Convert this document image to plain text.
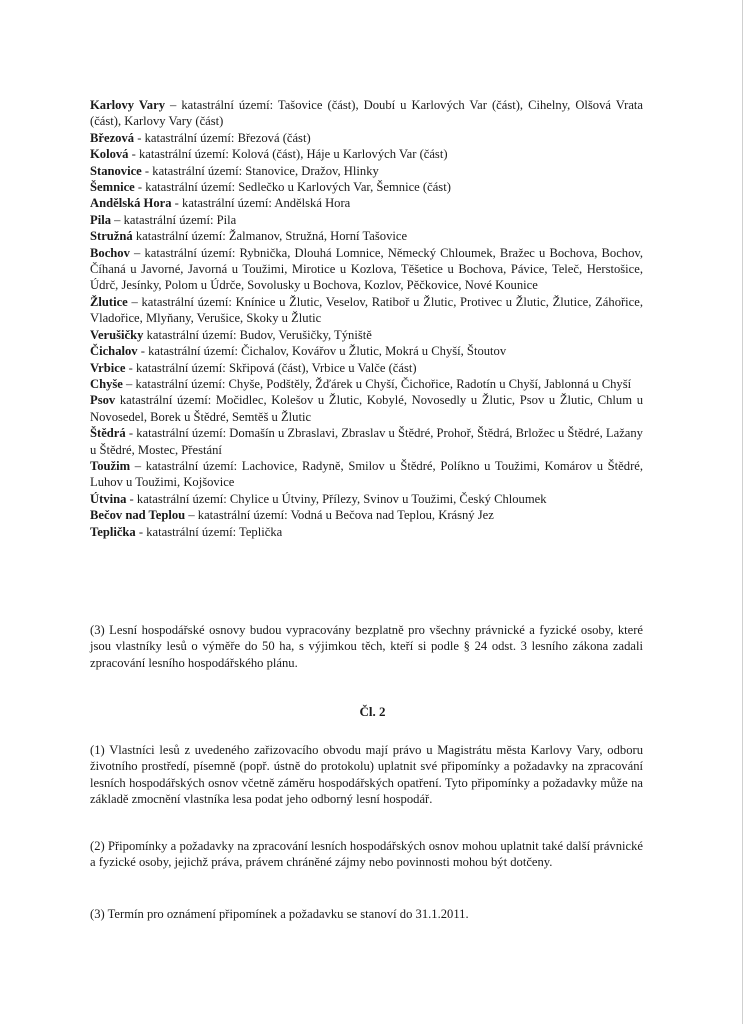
Karlovy Vary – katastrální území: Tašovice (část), Doubí u Karlových Var (část), Cihelny, Olšová Vrata (část), Karlovy Vary (část)

Březová - katastrální území: Březová (část)

Kolová - katastrální území: Kolová (část), Háje u Karlových Var (část)

Stanovice - katastrální území: Stanovice, Dražov, Hlinky

Šemnice - katastrální území: Sedlečko u Karlových Var, Šemnice (část)

Andělská Hora - katastrální území: Andělská Hora

Pila – katastrální území: Pila

Stružná katastrální území: Žalmanov, Stružná, Horní Tašovice

Bochov – katastrální území: Rybnička, Dlouhá Lomnice, Německý Chloumek, Bražec u Bochova, Bochov, Číhaná u Javorné, Javorná u Toužimi, Mirotice u Kozlova, Těšetice u Bochova, Pávice, Teleč, Herstošice, Údrč, Jesínky, Polom u Údrče, Sovolusky u Bochova, Kozlov, Pěčkovice, Nové Kounice

Žlutice – katastrální území: Knínice u Žlutic, Veselov, Ratiboř u Žlutic, Protivec u Žlutic, Žlutice, Záhořice, Vladořice, Mlyňany, Verušice, Skoky u Žlutic

Verušičky katastrální území: Budov, Verušičky, Týniště

Čichalov - katastrální území: Čichalov, Kovářov u Žlutic, Mokrá u Chyší, Štoutov

Vrbice - katastrální území: Skřipová (část), Vrbice u Valče (část)

Chyše – katastrální území: Chyše, Podštěly, Žďárek u Chyší, Čichořice, Radotín u Chyší, Jablonná u Chyší

Psov katastrální území: Močidlec, Kolešov u Žlutic, Kobylé, Novosedly u Žlutic, Psov u Žlutic, Chlum u Novosedel, Borek u Štědré, Semtěš u Žlutic

Štědrá - katastrální území: Domašín u Zbraslavi, Zbraslav u Štědré, Prohoř, Štědrá, Brložec u Štědré, Lažany u Štědré, Mostec, Přestání

Toužim – katastrální území: Lachovice, Radyně, Smilov u Štědré, Políkno u Toužimi, Komárov u Štědré, Luhov u Toužimi, Kojšovice

Útvina - katastrální území: Chylice u Útviny, Přílezy, Svinov u Toužimi, Český Chloumek

Bečov nad Teplou – katastrální území: Vodná u Bečova nad Teplou, Krásný Jez

Teplička - katastrální území: Teplička

(3) Lesní hospodářské osnovy budou vypracovány bezplatně pro všechny právnické a fyzické osoby, které jsou vlastníky lesů o výměře do 50 ha, s výjimkou těch, kteří si podle § 24 odst. 3 lesního zákona zadali zpracování lesního hospodářského plánu.

Čl. 2

(1) Vlastníci lesů z uvedeného zařizovacího obvodu mají právo u Magistrátu města Karlovy Vary, odboru životního prostředí, písemně (popř. ústně do protokolu) uplatnit své připomínky a požadavky na zpracování lesních hospodářských osnov včetně záměru hospodářských opatření. Tyto připomínky a požadavky může na základě zmocnění vlastníka lesa podat jeho odborný lesní hospodář.

(2) Připomínky a požadavky na zpracování lesních hospodářských osnov mohou uplatnit také další právnické a fyzické osoby, jejichž práva, právem chráněné zájmy nebo povinnosti mohou být dotčeny.

(3) Termín pro oznámení připomínek a požadavku se stanoví do 31.1.2011.
